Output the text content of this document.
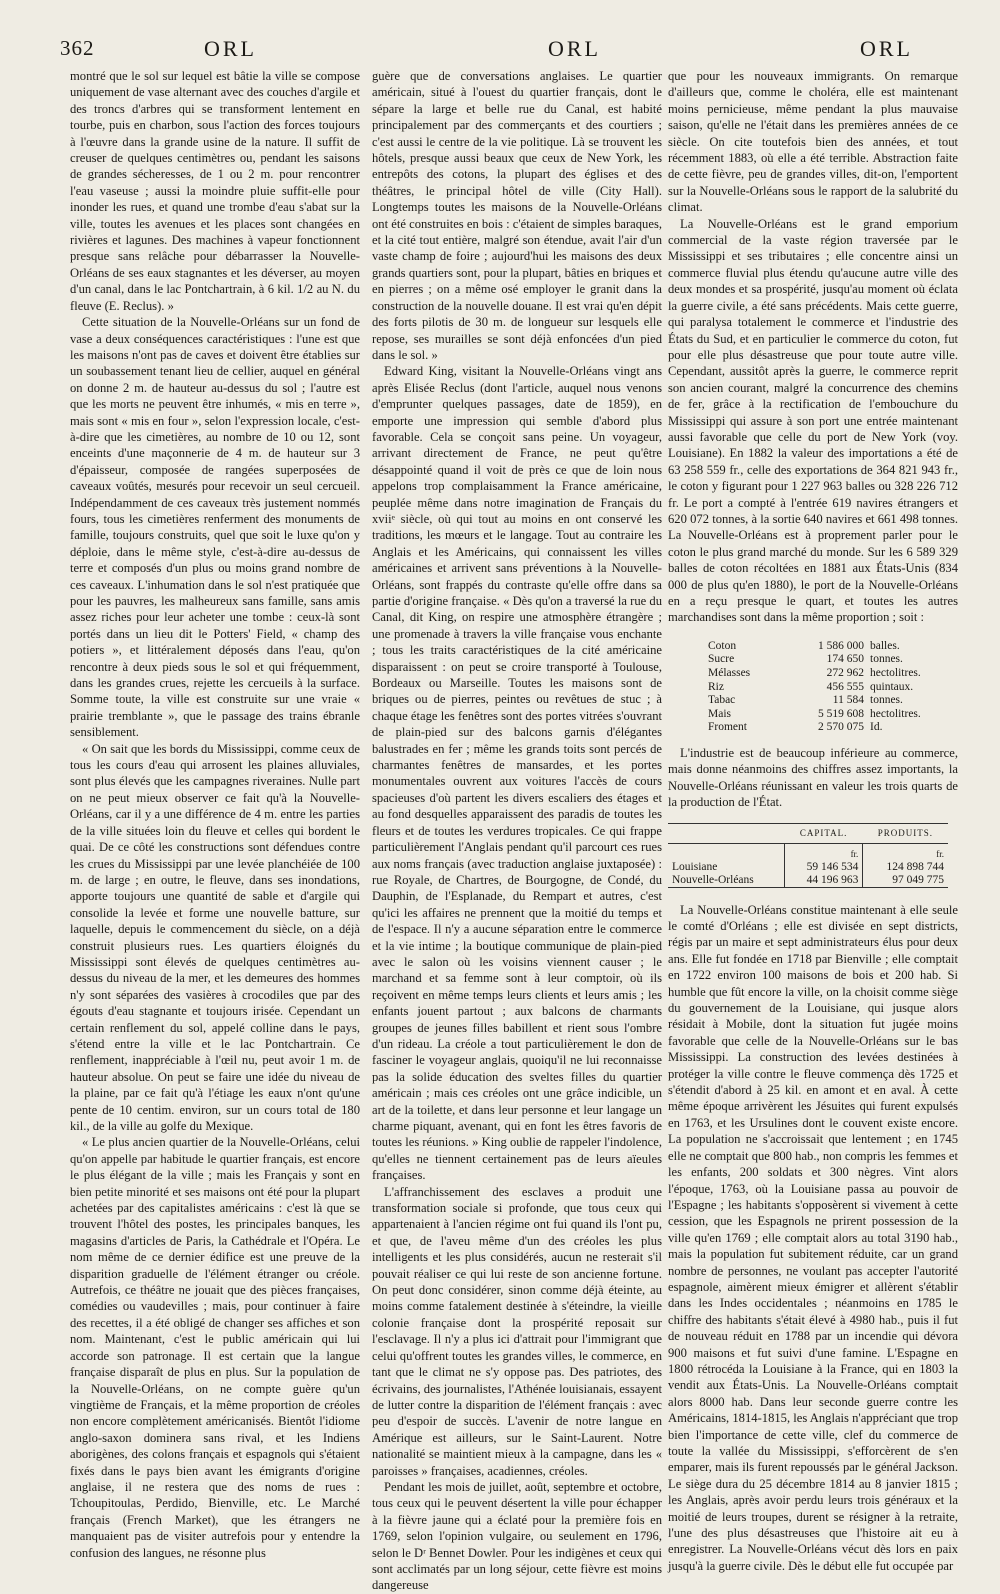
362	ORL	ORL	ORL

montré que le sol sur lequel est bâtie la ville se compose uniquement de vase alternant avec des couches d'argile et des troncs d'arbres qui se transforment lentement en tourbe, puis en charbon, sous l'action des forces toujours à l'œuvre dans la grande usine de la nature. Il suffit de creuser de quelques centimètres ou, pendant les saisons de grandes sécheresses, de 1 ou 2 m. pour rencontrer l'eau vaseuse ; aussi la moindre pluie suffit-elle pour inonder les rues, et quand une trombe d'eau s'abat sur la ville, toutes les avenues et les places sont changées en rivières et lagunes. Des machines à vapeur fonctionnent presque sans relâche pour débarrasser la Nouvelle-Orléans de ses eaux stagnantes et les déverser, au moyen d'un canal, dans le lac Pontchartrain, à 6 kil. 1/2 au N. du fleuve (E. Reclus). »

Cette situation de la Nouvelle-Orléans sur un fond de vase a deux conséquences caractéristiques : l'une est que les maisons n'ont pas de caves et doivent être établies sur un soubassement tenant lieu de cellier, auquel en général on donne 2 m. de hauteur au-dessus du sol ; l'autre est que les morts ne peuvent être inhumés, « mis en terre », mais sont « mis en four », selon l'expression locale, c'est-à-dire que les cimetières, au nombre de 10 ou 12, sont enceints d'une maçonnerie de 4 m. de hauteur sur 3 d'épaisseur, composée de rangées superposées de caveaux voûtés, mesurés pour recevoir un seul cercueil. Indépendamment de ces caveaux très justement nommés fours, tous les cimetières renferment des monuments de famille, toujours construits, quel que soit le luxe qu'on y déploie, dans le même style, c'est-à-dire au-dessus de terre et composés d'un plus ou moins grand nombre de ces caveaux. L'inhumation dans le sol n'est pratiquée que pour les pauvres, les malheureux sans famille, sans amis assez riches pour leur acheter une tombe : ceux-là sont portés dans un lieu dit le Potters' Field, « champ des potiers », et littéralement déposés dans l'eau, qu'on rencontre à deux pieds sous le sol et qui fréquemment, dans les grandes crues, rejette les cercueils à la surface. Somme toute, la ville est construite sur une vraie « prairie tremblante », que le passage des trains ébranle sensiblement.

« On sait que les bords du Mississippi, comme ceux de tous les cours d'eau qui arrosent les plaines alluviales, sont plus élevés que les campagnes riveraines. Nulle part on ne peut mieux observer ce fait qu'à la Nouvelle-Orléans, car il y a une différence de 4 m. entre les parties de la ville situées loin du fleuve et celles qui bordent le quai. De ce côté les constructions sont défendues contre les crues du Mississippi par une levée planchéiée de 100 m. de large ; en outre, le fleuve, dans ses inondations, apporte toujours une quantité de sable et d'argile qui consolide la levée et forme une nouvelle batture, sur laquelle, depuis le commencement du siècle, on a déjà construit plusieurs rues. Les quartiers éloignés du Mississippi sont élevés de quelques centimètres au-dessus du niveau de la mer, et les demeures des hommes n'y sont séparées des vasières à crocodiles que par des égouts d'eau stagnante et toujours irisée. Cependant un certain renflement du sol, appelé colline dans le pays, s'étend entre la ville et le lac Pontchartrain. Ce renflement, inappréciable à l'œil nu, peut avoir 1 m. de hauteur absolue. On peut se faire une idée du niveau de la plaine, par ce fait qu'à l'étiage les eaux n'ont qu'une pente de 10 centim. environ, sur un cours total de 180 kil., de la ville au golfe du Mexique.

« Le plus ancien quartier de la Nouvelle-Orléans, celui qu'on appelle par habitude le quartier français, est encore le plus élégant de la ville ; mais les Français y sont en bien petite minorité et ses maisons ont été pour la plupart achetées par des capitalistes américains : c'est là que se trouvent l'hôtel des postes, les principales banques, les magasins d'articles de Paris, la Cathédrale et l'Opéra. Le nom même de ce dernier édifice est une preuve de la disparition graduelle de l'élément étranger ou créole. Autrefois, ce théâtre ne jouait que des pièces françaises, comédies ou vaudevilles ; mais, pour continuer à faire des recettes, il a été obligé de changer ses affiches et son nom. Maintenant, c'est le public américain qui lui accorde son patronage. Il est certain que la langue française disparaît de plus en plus. Sur la population de la Nouvelle-Orléans, on ne compte guère qu'un vingtième de Français, et la même proportion de créoles non encore complètement américanisés. Bientôt l'idiome anglo-saxon dominera sans rival, et les Indiens aborigènes, des colons français et espagnols qui s'étaient fixés dans le pays bien avant les émigrants d'origine anglaise, il ne restera que des noms de rues : Tchoupitoulas, Perdido, Bienville, etc. Le Marché français (French Market), que les étrangers ne manquaient pas de visiter autrefois pour y entendre la confusion des langues, ne résonne plus

guère que de conversations anglaises. Le quartier américain, situé à l'ouest du quartier français, dont le sépare la large et belle rue du Canal, est habité principalement par des commerçants et des courtiers ; c'est aussi le centre de la vie politique. Là se trouvent les hôtels, presque aussi beaux que ceux de New York, les entrepôts des cotons, la plupart des églises et des théâtres, le principal hôtel de ville (City Hall). Longtemps toutes les maisons de la Nouvelle-Orléans ont été construites en bois : c'étaient de simples baraques, et la cité tout entière, malgré son étendue, avait l'air d'un vaste champ de foire ; aujourd'hui les maisons des deux grands quartiers sont, pour la plupart, bâties en briques et en pierres ; on a même osé employer le granit dans la construction de la nouvelle douane. Il est vrai qu'en dépit des forts pilotis de 30 m. de longueur sur lesquels elle repose, ses murailles se sont déjà enfoncées d'un pied dans le sol. »

Edward King, visitant la Nouvelle-Orléans vingt ans après Elisée Reclus (dont l'article, auquel nous venons d'emprunter quelques passages, date de 1859), en emporte une impression qui semble d'abord plus favorable. Cela se conçoit sans peine. Un voyageur, arrivant directement de France, ne peut qu'être désappointé quand il voit de près ce que de loin nous appelons trop complaisamment la France américaine, peuplée même dans notre imagination de Français du xviiᵉ siècle, où qui tout au moins en ont conservé les traditions, les mœurs et le langage. Tout au contraire les Anglais et les Américains, qui connaissent les villes américaines et arrivent sans préventions à la Nouvelle-Orléans, sont frappés du contraste qu'elle offre dans sa partie d'origine française. « Dès qu'on a traversé la rue du Canal, dit King, on respire une atmosphère étrangère ; une promenade à travers la ville française vous enchante ; tous les traits caractéristiques de la cité américaine disparaissent : on peut se croire transporté à Toulouse, Bordeaux ou Marseille. Toutes les maisons sont de briques ou de pierres, peintes ou revêtues de stuc ; à chaque étage les fenêtres sont des portes vitrées s'ouvrant de plain-pied sur des balcons garnis d'élégantes balustrades en fer ; même les grands toits sont percés de charmantes fenêtres de mansardes, et les portes monumentales ouvrent aux voitures l'accès de cours spacieuses d'où partent les divers escaliers des étages et au fond desquelles apparaissent des paradis de toutes les fleurs et de toutes les verdures tropicales. Ce qui frappe particulièrement l'Anglais pendant qu'il parcourt ces rues aux noms français (avec traduction anglaise juxtaposée) : rue Royale, de Chartres, de Bourgogne, de Condé, du Dauphin, de l'Esplanade, du Rempart et autres, c'est qu'ici les affaires ne prennent que la moitié du temps et de l'espace. Il n'y a aucune séparation entre le commerce et la vie intime ; la boutique communique de plain-pied avec le salon où les voisins viennent causer ; le marchand et sa femme sont à leur comptoir, où ils reçoivent en même temps leurs clients et leurs amis ; les enfants jouent partout ; aux balcons de charmants groupes de jeunes filles babillent et rient sous l'ombre d'un rideau. La créole a tout particulièrement le don de fasciner le voyageur anglais, quoiqu'il ne lui reconnaisse pas la solide éducation des sveltes filles du quartier américain ; mais ces créoles ont une grâce indicible, un art de la toilette, et dans leur personne et leur langage un charme piquant, avenant, qui en font les êtres favoris de toutes les réunions. » King oublie de rappeler l'indolence, qu'elles ne tiennent certainement pas de leurs aïeules françaises.

L'affranchissement des esclaves a produit une transformation sociale si profonde, que tous ceux qui appartenaient à l'ancien régime ont fui quand ils l'ont pu, et que, de l'aveu même d'un des créoles les plus intelligents et les plus considérés, aucun ne resterait s'il pouvait réaliser ce qui lui reste de son ancienne fortune. On peut donc considérer, sinon comme déjà éteinte, au moins comme fatalement destinée à s'éteindre, la vieille colonie française dont la prospérité reposait sur l'esclavage. Il n'y a plus ici d'attrait pour l'immigrant que celui qu'offrent toutes les grandes villes, le commerce, en tant que le climat ne s'y oppose pas. Des patriotes, des écrivains, des journalistes, l'Athénée louisianais, essayent de lutter contre la disparition de l'élément français : avec peu d'espoir de succès. L'avenir de notre langue en Amérique est ailleurs, sur le Saint-Laurent. Notre nationalité se maintient mieux à la campagne, dans les « paroisses » françaises, acadiennes, créoles.

Pendant les mois de juillet, août, septembre et octobre, tous ceux qui le peuvent désertent la ville pour échapper à la fièvre jaune qui a éclaté pour la première fois en 1769, selon l'opinion vulgaire, ou seulement en 1796, selon le Dʳ Bennet Dowler. Pour les indigènes et ceux qui sont acclimatés par un long séjour, cette fièvre est moins dangereuse

que pour les nouveaux immigrants. On remarque d'ailleurs que, comme le choléra, elle est maintenant moins pernicieuse, même pendant la plus mauvaise saison, qu'elle ne l'était dans les premières années de ce siècle. On cite toutefois bien des années, et tout récemment 1883, où elle a été terrible. Abstraction faite de cette fièvre, peu de grandes villes, dit-on, l'emportent sur la Nouvelle-Orléans sous le rapport de la salubrité du climat.

La Nouvelle-Orléans est le grand emporium commercial de la vaste région traversée par le Mississippi et ses tributaires ; elle concentre ainsi un commerce fluvial plus étendu qu'aucune autre ville des deux mondes et sa prospérité, jusqu'au moment où éclata la guerre civile, a été sans précédents. Mais cette guerre, qui paralysa totalement le commerce et l'industrie des États du Sud, et en particulier le commerce du coton, fut pour elle plus désastreuse que pour toute autre ville. Cependant, aussitôt après la guerre, le commerce reprit son ancien courant, malgré la concurrence des chemins de fer, grâce à la rectification de l'embouchure du Mississippi qui assure à son port une entrée maintenant aussi favorable que celle du port de New York (voy. Louisiane). En 1882 la valeur des importations a été de 63 258 559 fr., celle des exportations de 364 821 943 fr., le coton y figurant pour 1 227 963 balles ou 328 226 712 fr. Le port a compté à l'entrée 619 navires étrangers et 620 072 tonnes, à la sortie 640 navires et 661 498 tonnes. La Nouvelle-Orléans est à proprement parler pour le coton le plus grand marché du monde. Sur les 6 589 329 balles de coton récoltées en 1881 aux États-Unis (834 000 de plus qu'en 1880), le port de la Nouvelle-Orléans en a reçu presque le quart, et toutes les autres marchandises sont dans la même proportion ; soit :

Coton	1 586 000 balles.
Sucre	174 650 tonnes.
Mélasses	272 962 hectolitres.
Riz	456 555 quintaux.
Tabac	11 584 tonnes.
Mais	5 519 608 hectolitres.
Froment	2 570 075 Id.

L'industrie est de beaucoup inférieure au commerce, mais donne néanmoins des chiffres assez importants, la Nouvelle-Orléans réunissant en valeur les trois quarts de la production de l'État.

	CAPITAL.	PRODUITS.
	fr.	fr.
Louisiane	59 146 534	124 898 744
Nouvelle-Orléans	44 196 963	97 049 775

La Nouvelle-Orléans constitue maintenant à elle seule le comté d'Orléans ; elle est divisée en sept districts, régis par un maire et sept administrateurs élus pour deux ans. Elle fut fondée en 1718 par Bienville ; elle comptait en 1722 environ 100 maisons de bois et 200 hab. Si humble que fût encore la ville, on la choisit comme siège du gouvernement de la Louisiane, qui jusque alors résidait à Mobile, dont la situation fut jugée moins favorable que celle de la Nouvelle-Orléans sur le bas Mississippi. La construction des levées destinées à protéger la ville contre le fleuve commença dès 1725 et s'étendit d'abord à 25 kil. en amont et en aval. À cette même époque arrivèrent les Jésuites qui furent expulsés en 1763, et les Ursulines dont le couvent existe encore. La population ne s'accroissait que lentement ; en 1745 elle ne comptait que 800 hab., non compris les femmes et les enfants, 200 soldats et 300 nègres. Vint alors l'époque, 1763, où la Louisiane passa au pouvoir de l'Espagne ; les habitants s'opposèrent si vivement à cette cession, que les Espagnols ne prirent possession de la ville qu'en 1769 ; elle comptait alors au total 3190 hab., mais la population fut subitement réduite, car un grand nombre de personnes, ne voulant pas accepter l'autorité espagnole, aimèrent mieux émigrer et allèrent s'établir dans les Indes occidentales ; néanmoins en 1785 le chiffre des habitants s'était élevé à 4980 hab., puis il fut de nouveau réduit en 1788 par un incendie qui dévora 900 maisons et fut suivi d'une famine. L'Espagne en 1800 rétrocéda la Louisiane à la France, qui en 1803 la vendit aux États-Unis. La Nouvelle-Orléans comptait alors 8000 hab. Dans leur seconde guerre contre les Américains, 1814-1815, les Anglais n'appréciant que trop bien l'importance de cette ville, clef du commerce de toute la vallée du Mississippi, s'efforcèrent de s'en emparer, mais ils furent repoussés par le général Jackson. Le siège dura du 25 décembre 1814 au 8 janvier 1815 ; les Anglais, après avoir perdu leurs trois généraux et la moitié de leurs troupes, durent se résigner à la retraite, l'une des plus désastreuses que l'histoire ait eu à enregistrer. La Nouvelle-Orléans vécut dès lors en paix jusqu'à la guerre civile. Dès le début elle fut occupée par
